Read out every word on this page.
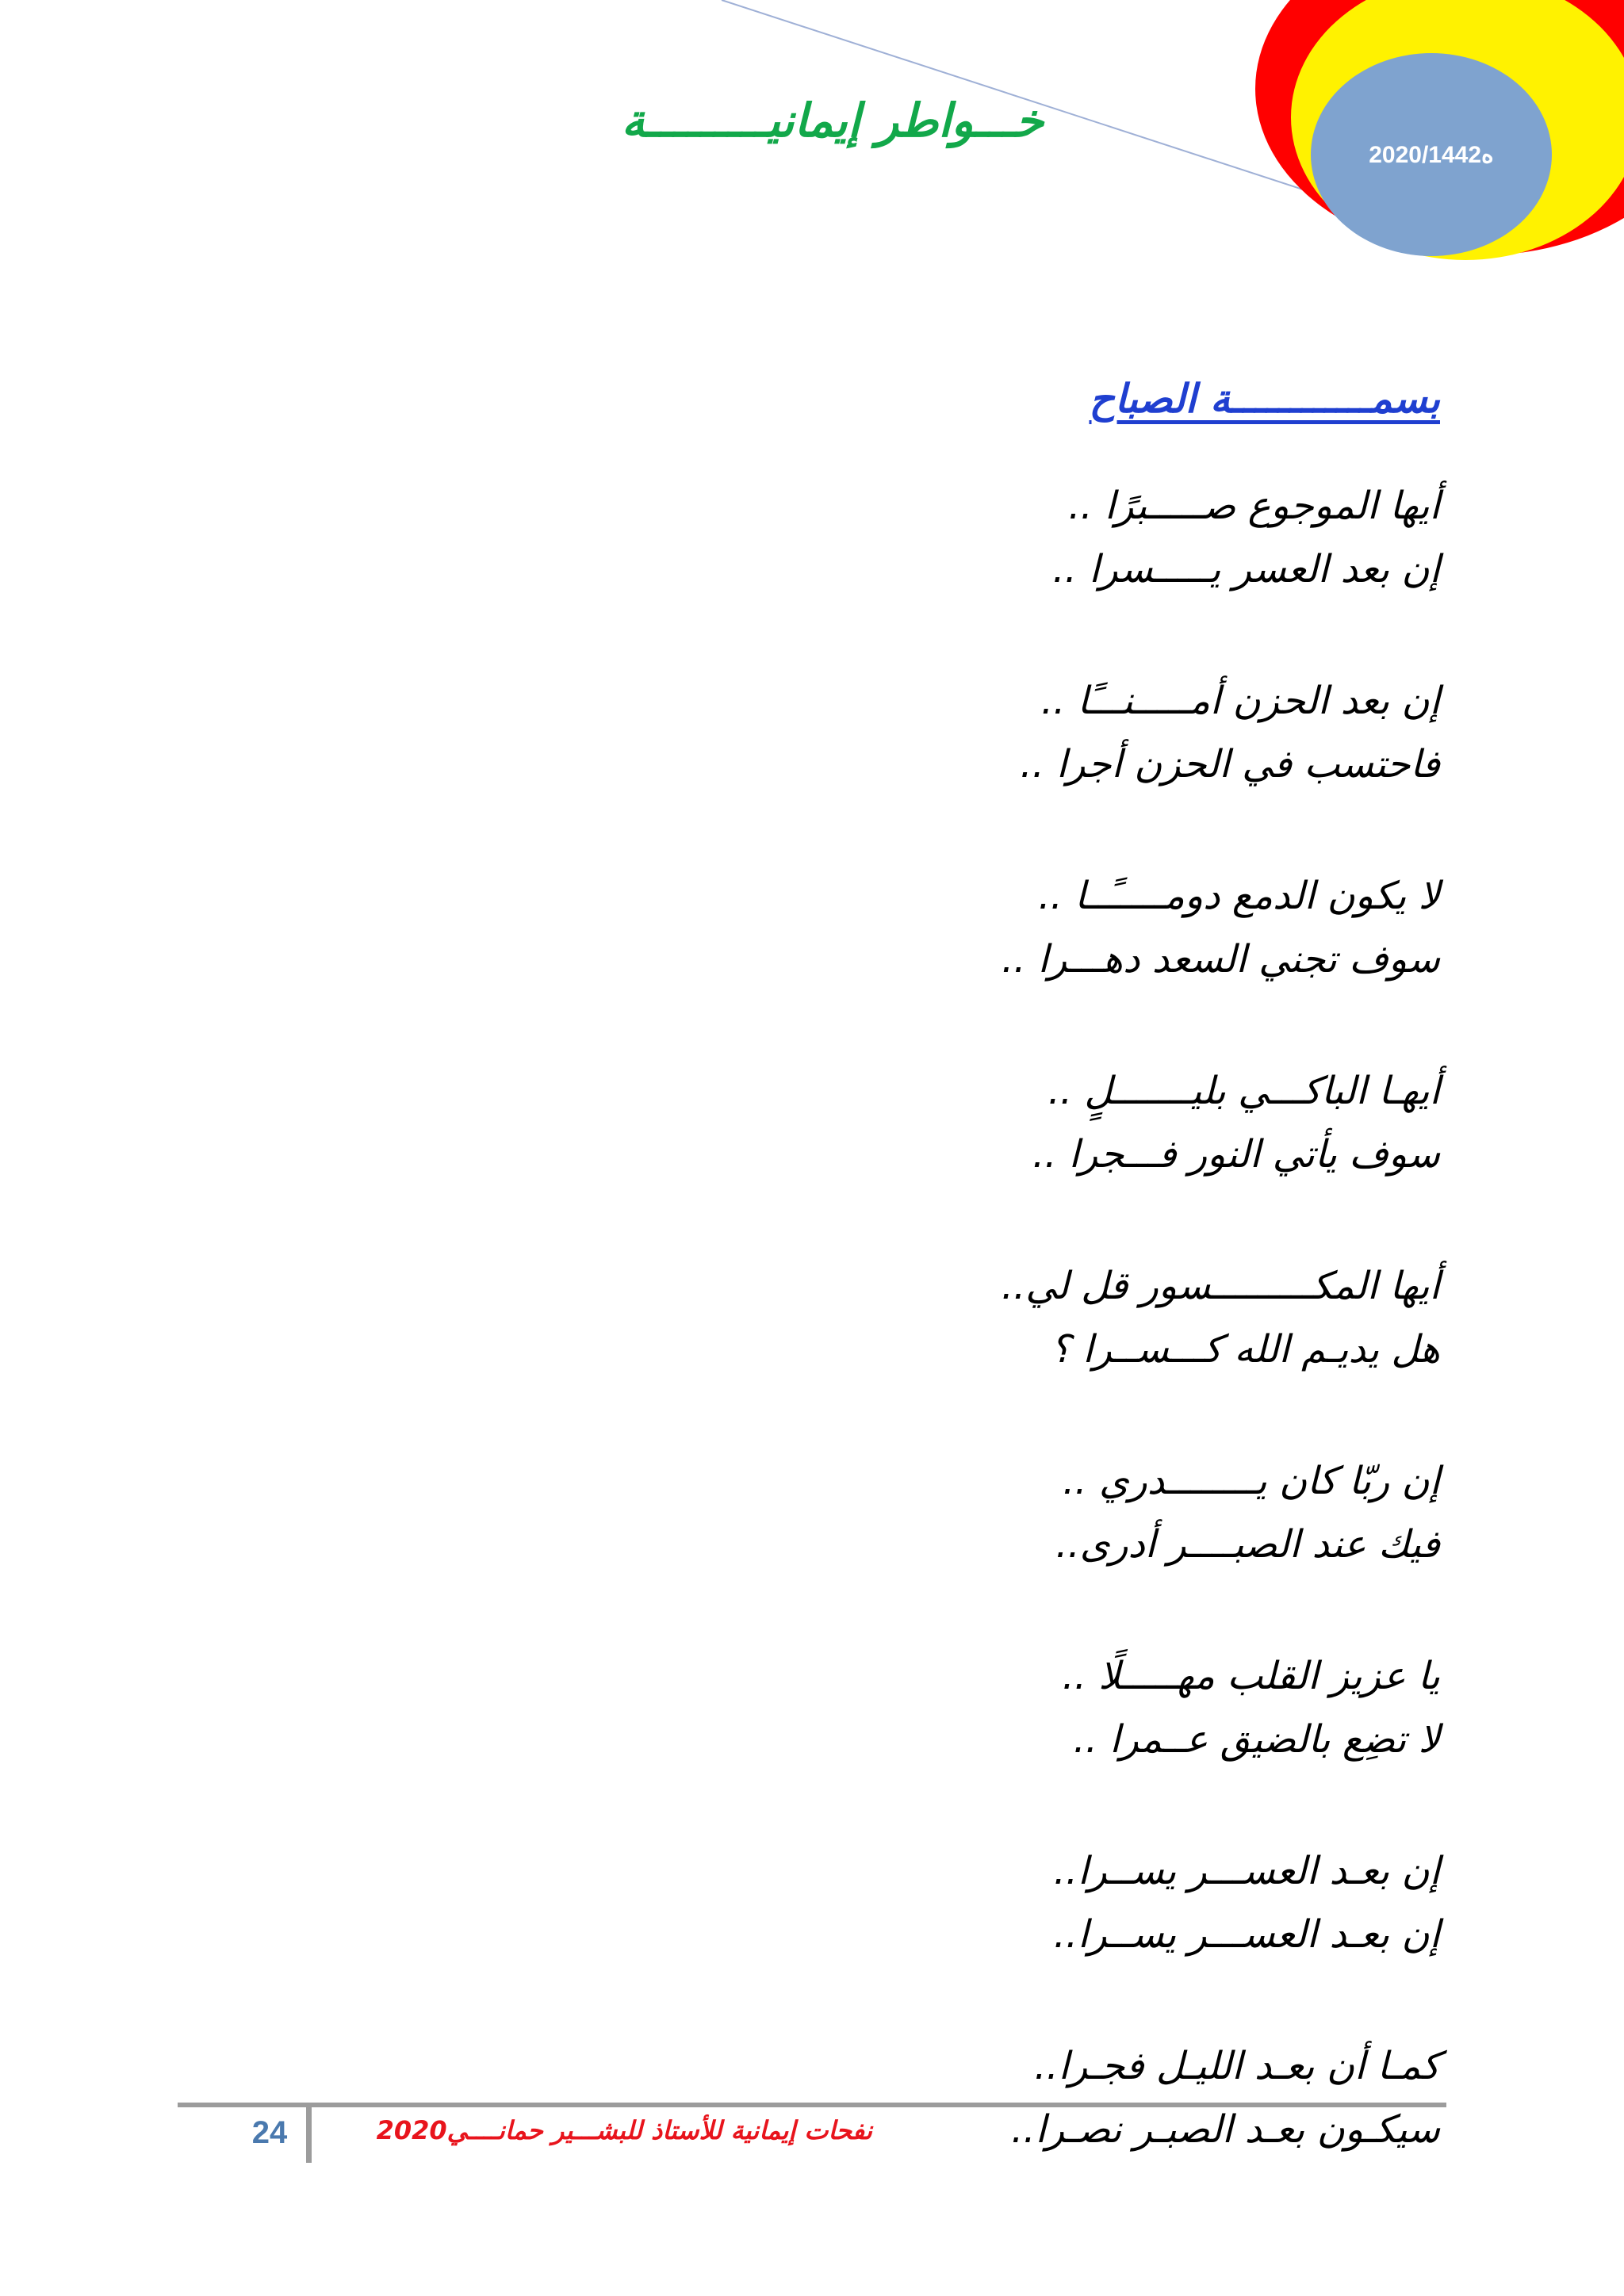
2020/ه1442
خـــواطر إيمانيـــــــــة
بسمــــــــــــة الصباح
أيها الموجوع صـــــبرًا ..
إن بعد العسر يـــــسرا ..
إن بعد الحزن أمـــــنـــًا ..
فاحتسب في الحزن أجرا ..
لا يكون الدمع دومـــــًــا ..
سوف تجني السعد دهـــرا ..
أيهـا الباكـــي بليـــــــلٍ ..
سوف يأتي النور فـــجرا ..
أيها المكـــــــــسور قل لي..
هل يديـم الله كـــســرا ؟
إن ربّا كان يــــــــدري ..
فيك عند الصبــــر أدرى..
يا عزيز القلب مهـــــلًا ..
لا تضِع بالضيق عــمرا ..
إن بعـد العســـر يســرا..
إن بعـد العســـر يســرا..
كمـا أن بعـد الليـل فجـرا..
سيكـون بعـد الصبـر نصـرا..
24	نفحات إيمانية للأستاذ للبشـــير حمانــــي2020
